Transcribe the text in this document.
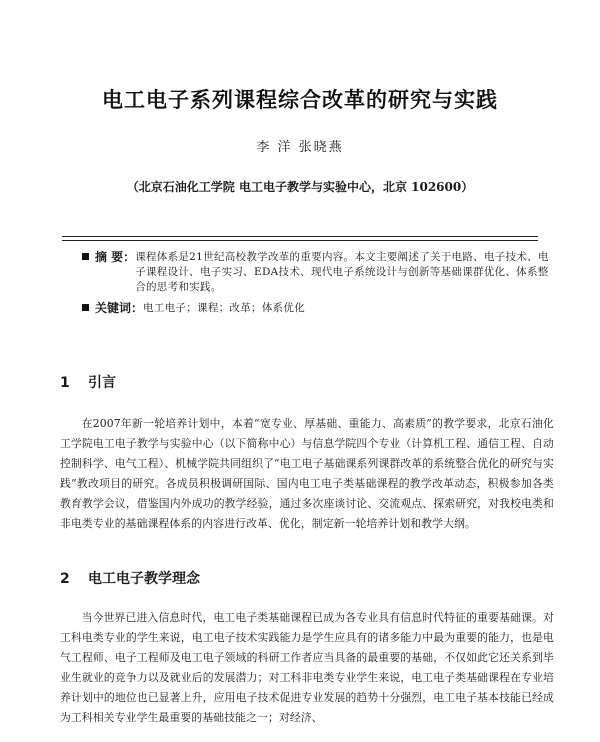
电工电子系列课程综合改革的研究与实践
李 洋 张晓燕
（北京石油化工学院 电工电子教学与实验中心，北京 102600）
摘 要： 课程体系是21世纪高校教学改革的重要内容。本文主要阐述了关于电路、电子技术、电子课程设计、电子实习、EDA技术、现代电子系统设计与创新等基础课群优化、体系整合的思考和实践。
关键词： 电工电子；课程；改革；体系优化
1 引言
在2007年新一轮培养计划中，本着“宽专业、厚基础、重能力、高素质”的教学要求，北京石油化工学院电工电子教学与实验中心（以下简称中心）与信息学院四个专业（计算机工程、通信工程、自动控制科学、电气工程）、机械学院共同组织了“电工电子基础课系列课群改革的系统整合优化的研究与实践”教改项目的研究。各成员积极调研国际、国内电工电子类基础课程的教学改革动态，积极参加各类教育教学会议，借鉴国内外成功的教学经验，通过多次座谈讨论、交流观点、探索研究，对我校电类和非电类专业的基础课程体系的内容进行改革、优化，制定新一轮培养计划和教学大纲。
2 电工电子教学理念
当今世界已进入信息时代，电工电子类基础课程已成为各专业具有信息时代特征的重要基础课。对工科电类专业的学生来说，电工电子技术实践能力是学生应具有的诸多能力中最为重要的能力，也是电气工程师、电子工程师及电工电子领域的科研工作者应当具备的最重要的基础，不仅如此它还关系到毕业生就业的竞争力以及就业后的发展潜力；对工科非电类专业学生来说，电工电子类基础课程在专业培养计划中的地位也已显著上升，应用电子技术促进专业发展的趋势十分强烈，电工电子基本技能已经成为工科相关专业学生最重要的基础技能之一；对经济、
